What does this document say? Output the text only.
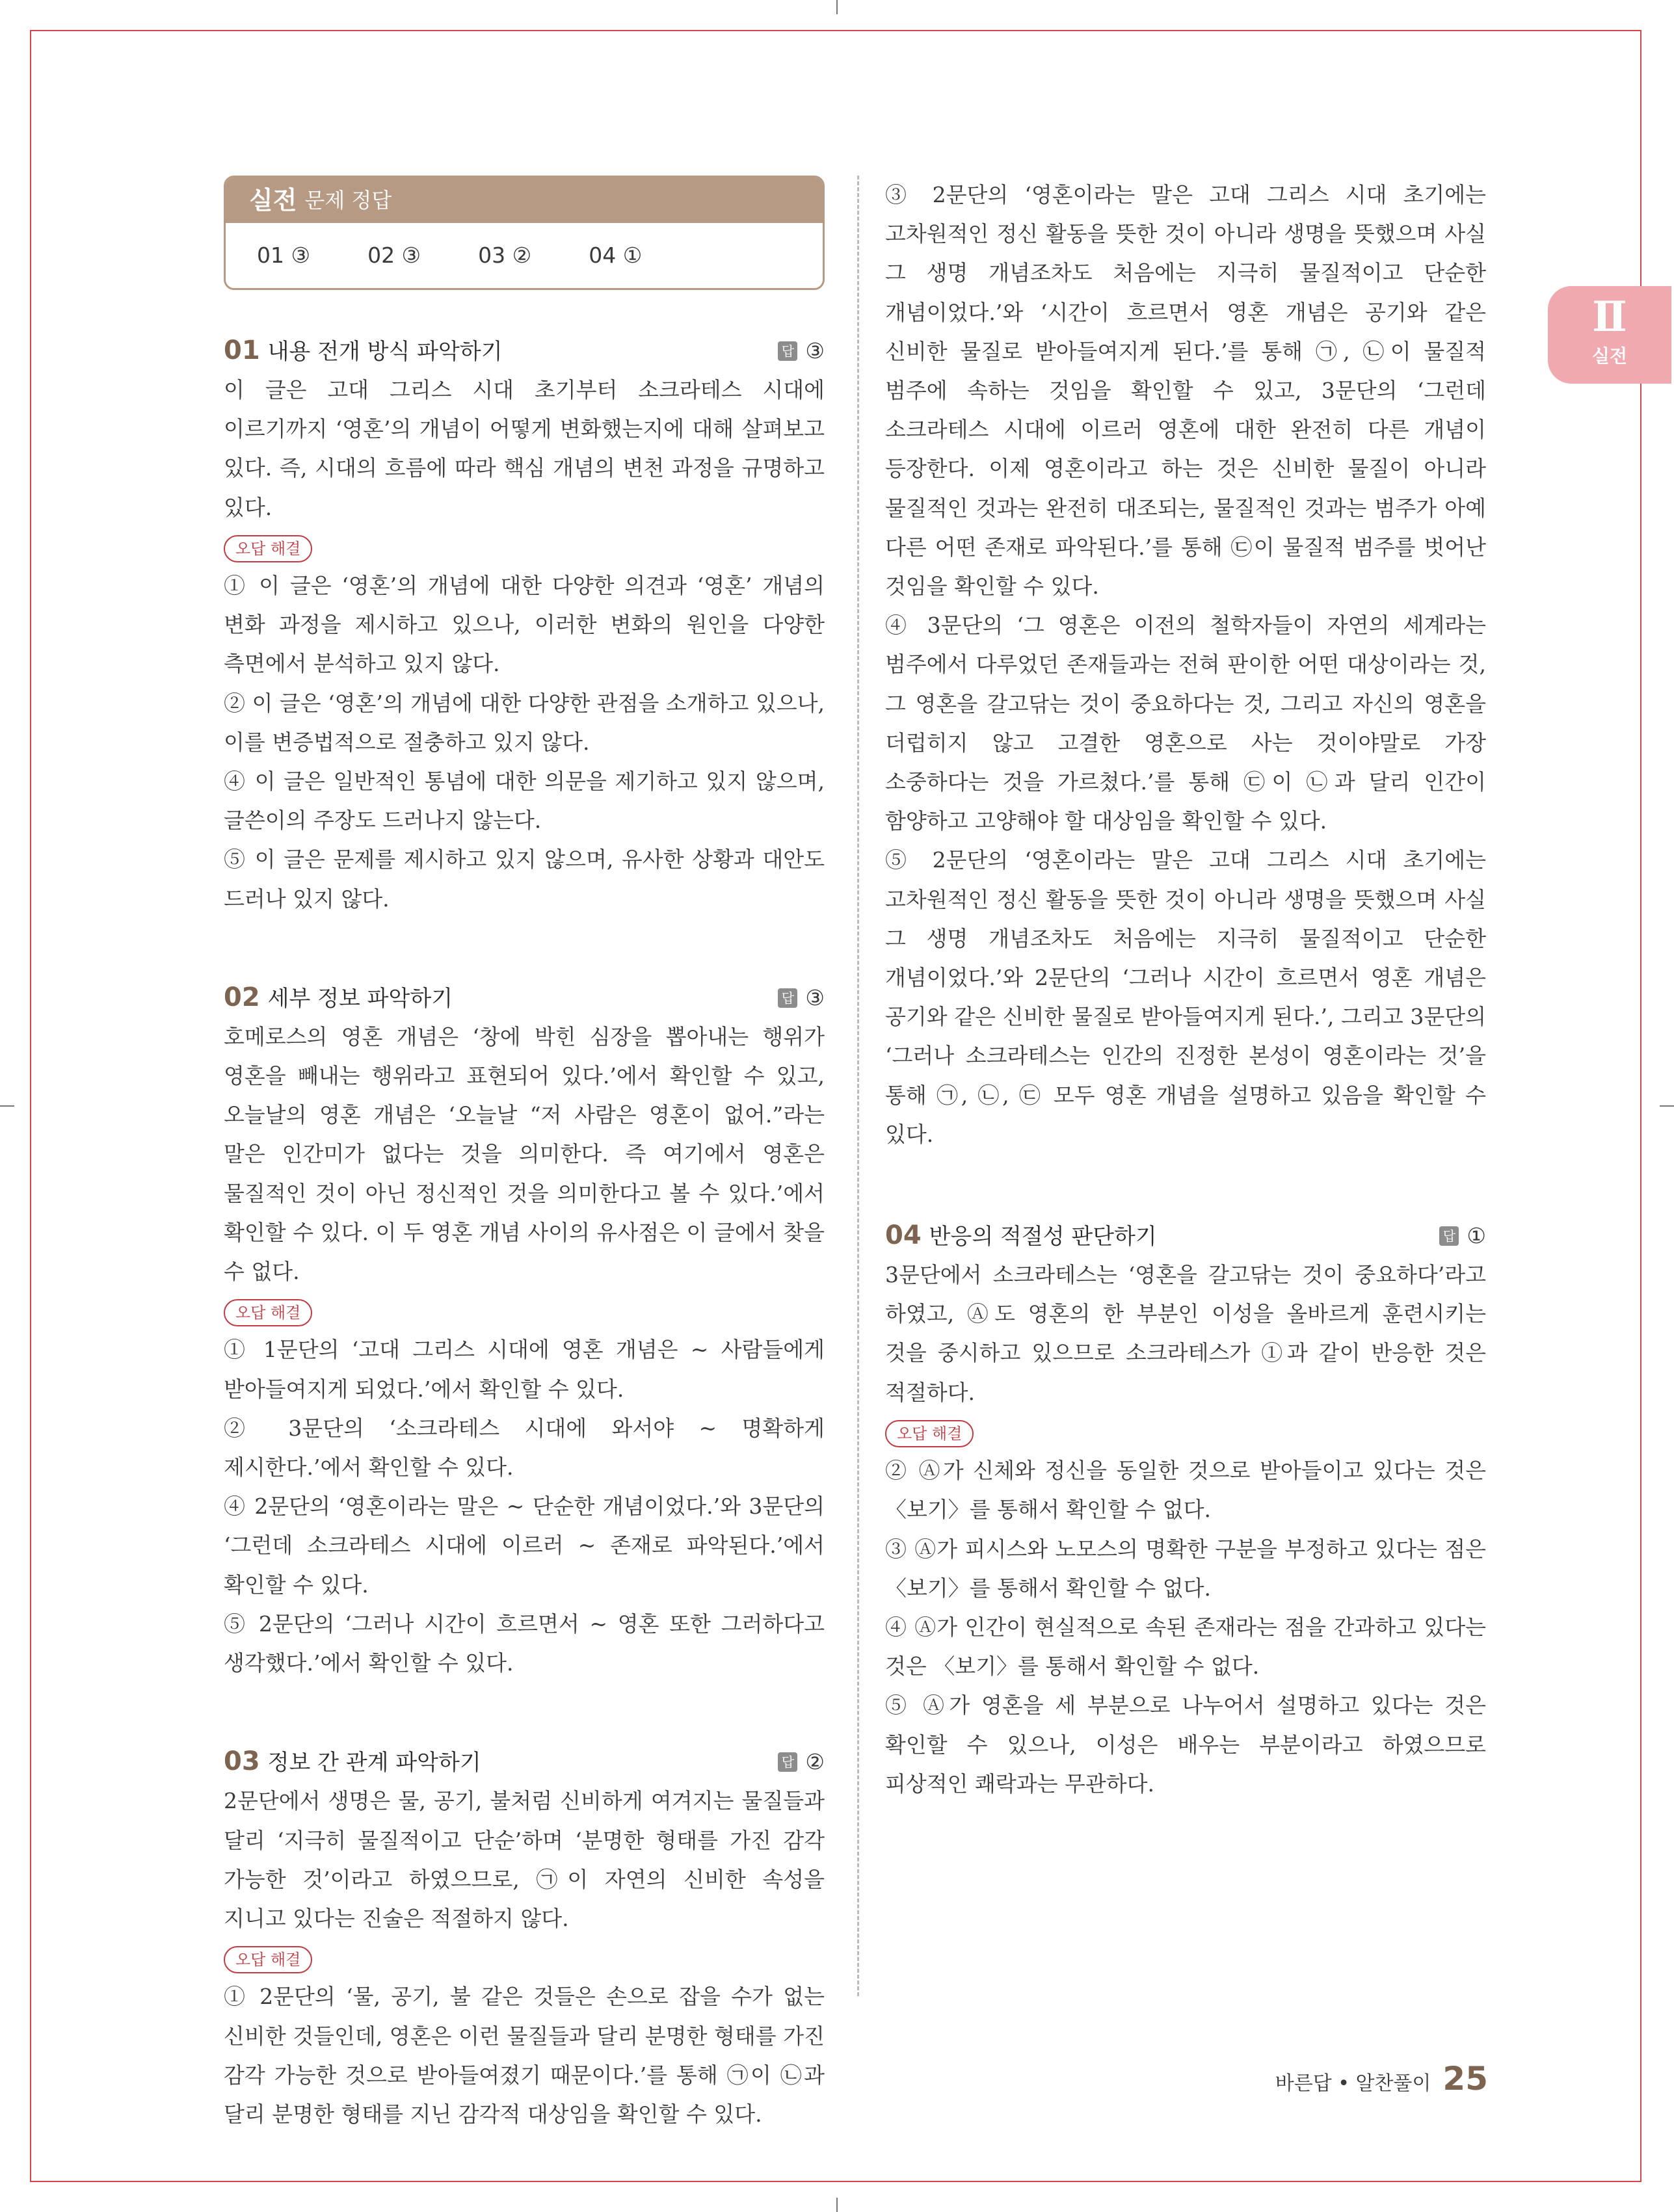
Ⅱ
실전
실전 문제 정답
01 ③	02 ③	03 ②	04 ①
01 내용 전개 방식 파악하기	답 ③

이 글은 고대 그리스 시대 초기부터 소크라테스 시대에 이르기까지 ‘영혼’의 개념이 어떻게 변화했는지에 대해 살펴보고 있다. 즉, 시대의 흐름에 따라 핵심 개념의 변천 과정을 규명하고 있다.

오답 해결

① 이 글은 ‘영혼’의 개념에 대한 다양한 의견과 ‘영혼’ 개념의 변화 과정을 제시하고 있으나, 이러한 변화의 원인을 다양한 측면에서 분석하고 있지 않다.

② 이 글은 ‘영혼’의 개념에 대한 다양한 관점을 소개하고 있으나, 이를 변증법적으로 절충하고 있지 않다.

④ 이 글은 일반적인 통념에 대한 의문을 제기하고 있지 않으며, 글쓴이의 주장도 드러나지 않는다.

⑤ 이 글은 문제를 제시하고 있지 않으며, 유사한 상황과 대안도 드러나 있지 않다.

02 세부 정보 파악하기	답 ③

호메로스의 영혼 개념은 ‘창에 박힌 심장을 뽑아내는 행위가 영혼을 빼내는 행위라고 표현되어 있다.’에서 확인할 수 있고, 오늘날의 영혼 개념은 ‘오늘날 “저 사람은 영혼이 없어.”라는 말은 인간미가 없다는 것을 의미한다. 즉 여기에서 영혼은 물질적인 것이 아닌 정신적인 것을 의미한다고 볼 수 있다.’에서 확인할 수 있다. 이 두 영혼 개념 사이의 유사점은 이 글에서 찾을 수 없다.

오답 해결

① 1문단의 ‘고대 그리스 시대에 영혼 개념은 ~ 사람들에게 받아들여지게 되었다.’에서 확인할 수 있다.

② 3문단의 ‘소크라테스 시대에 와서야 ~ 명확하게 제시한다.’에서 확인할 수 있다.

④ 2문단의 ‘영혼이라는 말은 ~ 단순한 개념이었다.’와 3문단의 ‘그런데 소크라테스 시대에 이르러 ~ 존재로 파악된다.’에서 확인할 수 있다.

⑤ 2문단의 ‘그러나 시간이 흐르면서 ~ 영혼 또한 그러하다고 생각했다.’에서 확인할 수 있다.

03 정보 간 관계 파악하기	답 ②

2문단에서 생명은 물, 공기, 불처럼 신비하게 여겨지는 물질들과 달리 ‘지극히 물질적이고 단순’하며 ‘분명한 형태를 가진 감각 가능한 것’이라고 하였으므로, ㉠이 자연의 신비한 속성을 지니고 있다는 진술은 적절하지 않다.

오답 해결

① 2문단의 ‘물, 공기, 불 같은 것들은 손으로 잡을 수가 없는 신비한 것들인데, 영혼은 이런 물질들과 달리 분명한 형태를 가진 감각 가능한 것으로 받아들여졌기 때문이다.’를 통해 ㉠이 ㉡과 달리 분명한 형태를 지닌 감각적 대상임을 확인할 수 있다.

③ 2문단의 ‘영혼이라는 말은 고대 그리스 시대 초기에는 고차원적인 정신 활동을 뜻한 것이 아니라 생명을 뜻했으며 사실 그 생명 개념조차도 처음에는 지극히 물질적이고 단순한 개념이었다.’와 ‘시간이 흐르면서 영혼 개념은 공기와 같은 신비한 물질로 받아들여지게 된다.’를 통해 ㉠, ㉡이 물질적 범주에 속하는 것임을 확인할 수 있고, 3문단의 ‘그런데 소크라테스 시대에 이르러 영혼에 대한 완전히 다른 개념이 등장한다. 이제 영혼이라고 하는 것은 신비한 물질이 아니라 물질적인 것과는 완전히 대조되는, 물질적인 것과는 범주가 아예 다른 어떤 존재로 파악된다.’를 통해 ㉢이 물질적 범주를 벗어난 것임을 확인할 수 있다.

④ 3문단의 ‘그 영혼은 이전의 철학자들이 자연의 세계라는 범주에서 다루었던 존재들과는 전혀 판이한 어떤 대상이라는 것, 그 영혼을 갈고닦는 것이 중요하다는 것, 그리고 자신의 영혼을 더럽히지 않고 고결한 영혼으로 사는 것이야말로 가장 소중하다는 것을 가르쳤다.’를 통해 ㉢이 ㉡과 달리 인간이 함양하고 고양해야 할 대상임을 확인할 수 있다.

⑤ 2문단의 ‘영혼이라는 말은 고대 그리스 시대 초기에는 고차원적인 정신 활동을 뜻한 것이 아니라 생명을 뜻했으며 사실 그 생명 개념조차도 처음에는 지극히 물질적이고 단순한 개념이었다.’와 2문단의 ‘그러나 시간이 흐르면서 영혼 개념은 공기와 같은 신비한 물질로 받아들여지게 된다.’, 그리고 3문단의 ‘그러나 소크라테스는 인간의 진정한 본성이 영혼이라는 것’을 통해 ㉠, ㉡, ㉢ 모두 영혼 개념을 설명하고 있음을 확인할 수 있다.

04 반응의 적절성 판단하기	답 ①

3문단에서 소크라테스는 ‘영혼을 갈고닦는 것이 중요하다’라고 하였고, Ⓐ도 영혼의 한 부분인 이성을 올바르게 훈련시키는 것을 중시하고 있으므로 소크라테스가 ①과 같이 반응한 것은 적절하다.

오답 해결

② Ⓐ가 신체와 정신을 동일한 것으로 받아들이고 있다는 것은 〈보기〉를 통해서 확인할 수 없다.

③ Ⓐ가 피시스와 노모스의 명확한 구분을 부정하고 있다는 점은 〈보기〉를 통해서 확인할 수 없다.

④ Ⓐ가 인간이 현실적으로 속된 존재라는 점을 간과하고 있다는 것은 〈보기〉를 통해서 확인할 수 없다.

⑤ Ⓐ가 영혼을 세 부분으로 나누어서 설명하고 있다는 것은 확인할 수 있으나, 이성은 배우는 부분이라고 하였으므로 피상적인 쾌락과는 무관하다.

바른답 • 알찬풀이 25
